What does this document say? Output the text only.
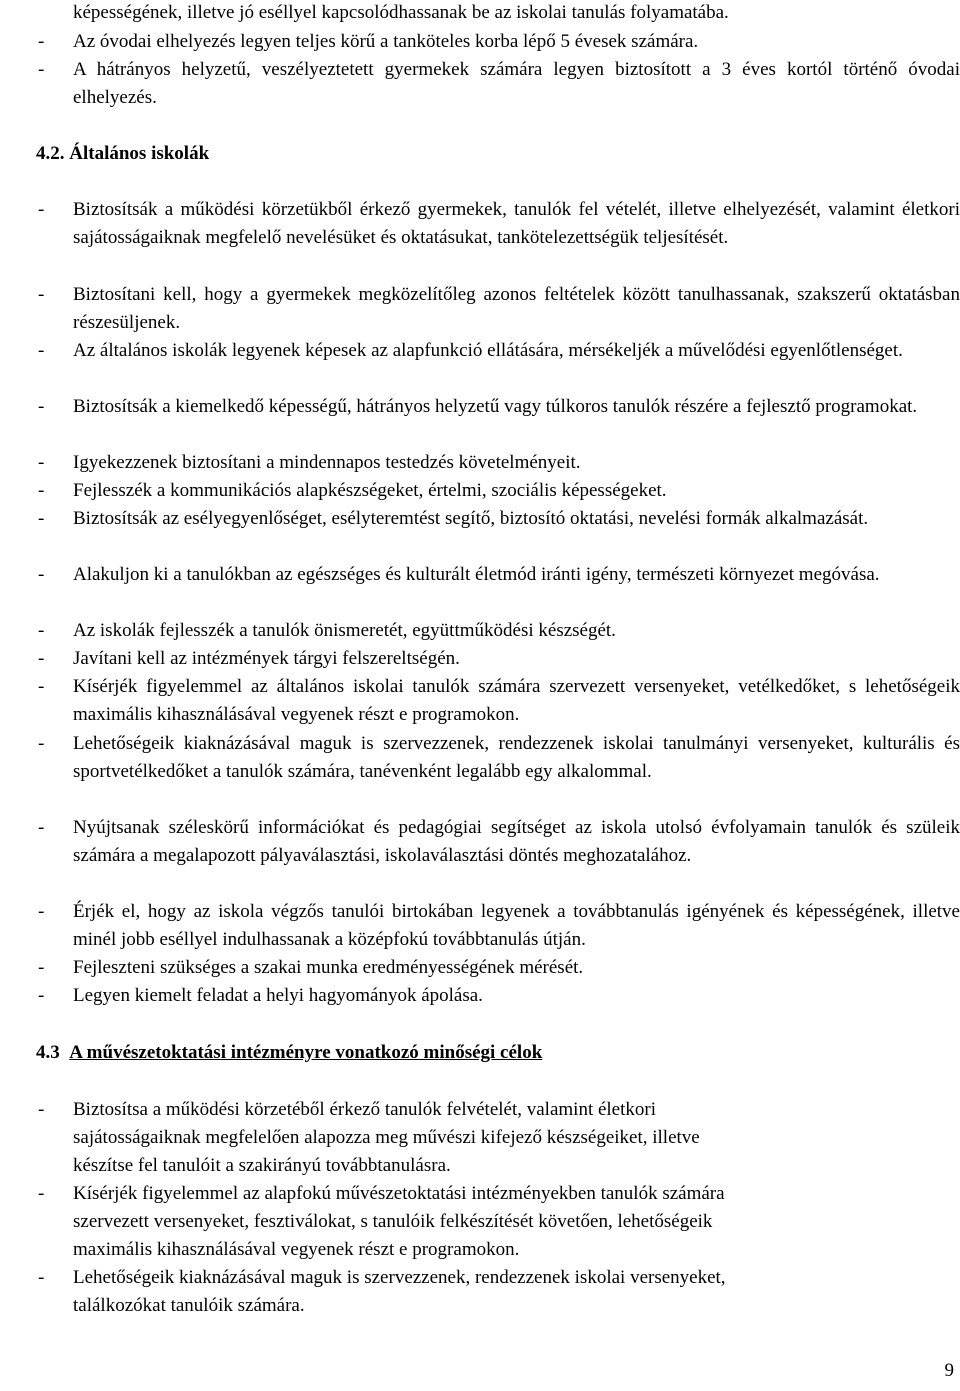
képességének, illetve jó eséllyel kapcsolódhassanak be az iskolai tanulás folyamatába.
- Az óvodai elhelyezés legyen teljes körű a tanköteles korba lépő 5 évesek számára.
- A hátrányos helyzetű, veszélyeztetett gyermekek számára legyen biztosított a 3 éves kortól történő óvodai elhelyezés.
4.2. Általános iskolák
- Biztosítsák a működési körzetükből érkező gyermekek, tanulók fel vételét, illetve elhelyezését, valamint életkori sajátosságaiknak megfelelő nevelésüket és oktatásukat, tankötelezettségük teljesítését.
- Biztosítani kell, hogy a gyermekek megközelítőleg azonos feltételek között tanulhassanak, szakszerű oktatásban részesüljenek.
- Az általános iskolák legyenek képesek az alapfunkció ellátására, mérsékeljék a művelődési egyenlőtlenséget.
- Biztosítsák a kiemelkedő képességű, hátrányos helyzetű vagy túlkoros tanulók részére a fejlesztő programokat.
- Igyekezzenek biztosítani a mindennapos testedzés követelményeit.
- Fejlesszék a kommunikációs alapkészségeket, értelmi, szociális képességeket.
- Biztosítsák az esélyegyenlőséget, esélyteremtést segítő, biztosító oktatási, nevelési formák alkalmazását.
- Alakuljon ki a tanulókban az egészséges és kulturált életmód iránti igény, természeti környezet megóvása.
- Az iskolák fejlesszék a tanulók önismeretét, együttműködési készségét.
- Javítani kell az intézmények tárgyi felszereltségén.
- Kísérjék figyelemmel az általános iskolai tanulók számára szervezett versenyeket, vetélkedőket, s lehetőségeik maximális kihasználásával vegyenek részt e programokon.
- Lehetőségeik kiaknázásával maguk is szervezzenek, rendezzenek iskolai tanulmányi versenyeket, kulturális és sportvetélkedőket a tanulók számára, tanévenként legalább egy alkalommal.
- Nyújtsanak széleskörű információkat és pedagógiai segítséget az iskola utolsó évfolyamain tanulók és szüleik számára a megalapozott pályaválasztási, iskolaválasztási döntés meghozatalához.
- Érjék el, hogy az iskola végzős tanulói birtokában legyenek a továbbtanulás igényének és képességének, illetve minél jobb eséllyel indulhassanak a középfokú továbbtanulás útján.
- Fejleszteni szükséges a szakai munka eredményességének mérését.
- Legyen kiemelt feladat a helyi hagyományok ápolása.
4.3 A művészetoktatási intézményre vonatkozó minőségi célok
- Biztosítsa a működési körzetéből érkező tanulók felvételét, valamint életkori
sajátosságaiknak megfelelően alapozza meg művészi kifejező készségeiket, illetve
készítse fel tanulóit a szakirányú továbbtanulásra.
- Kísérjék figyelemmel az alapfokú művészetoktatási intézményekben tanulók számára
szervezett versenyeket, fesztiválokat, s tanulóik felkészítését követően, lehetőségeik
maximális kihasználásával vegyenek részt e programokon.
- Lehetőségeik kiaknázásával maguk is szervezzenek, rendezzenek iskolai versenyeket,
találkozókat tanulóik számára.
9
